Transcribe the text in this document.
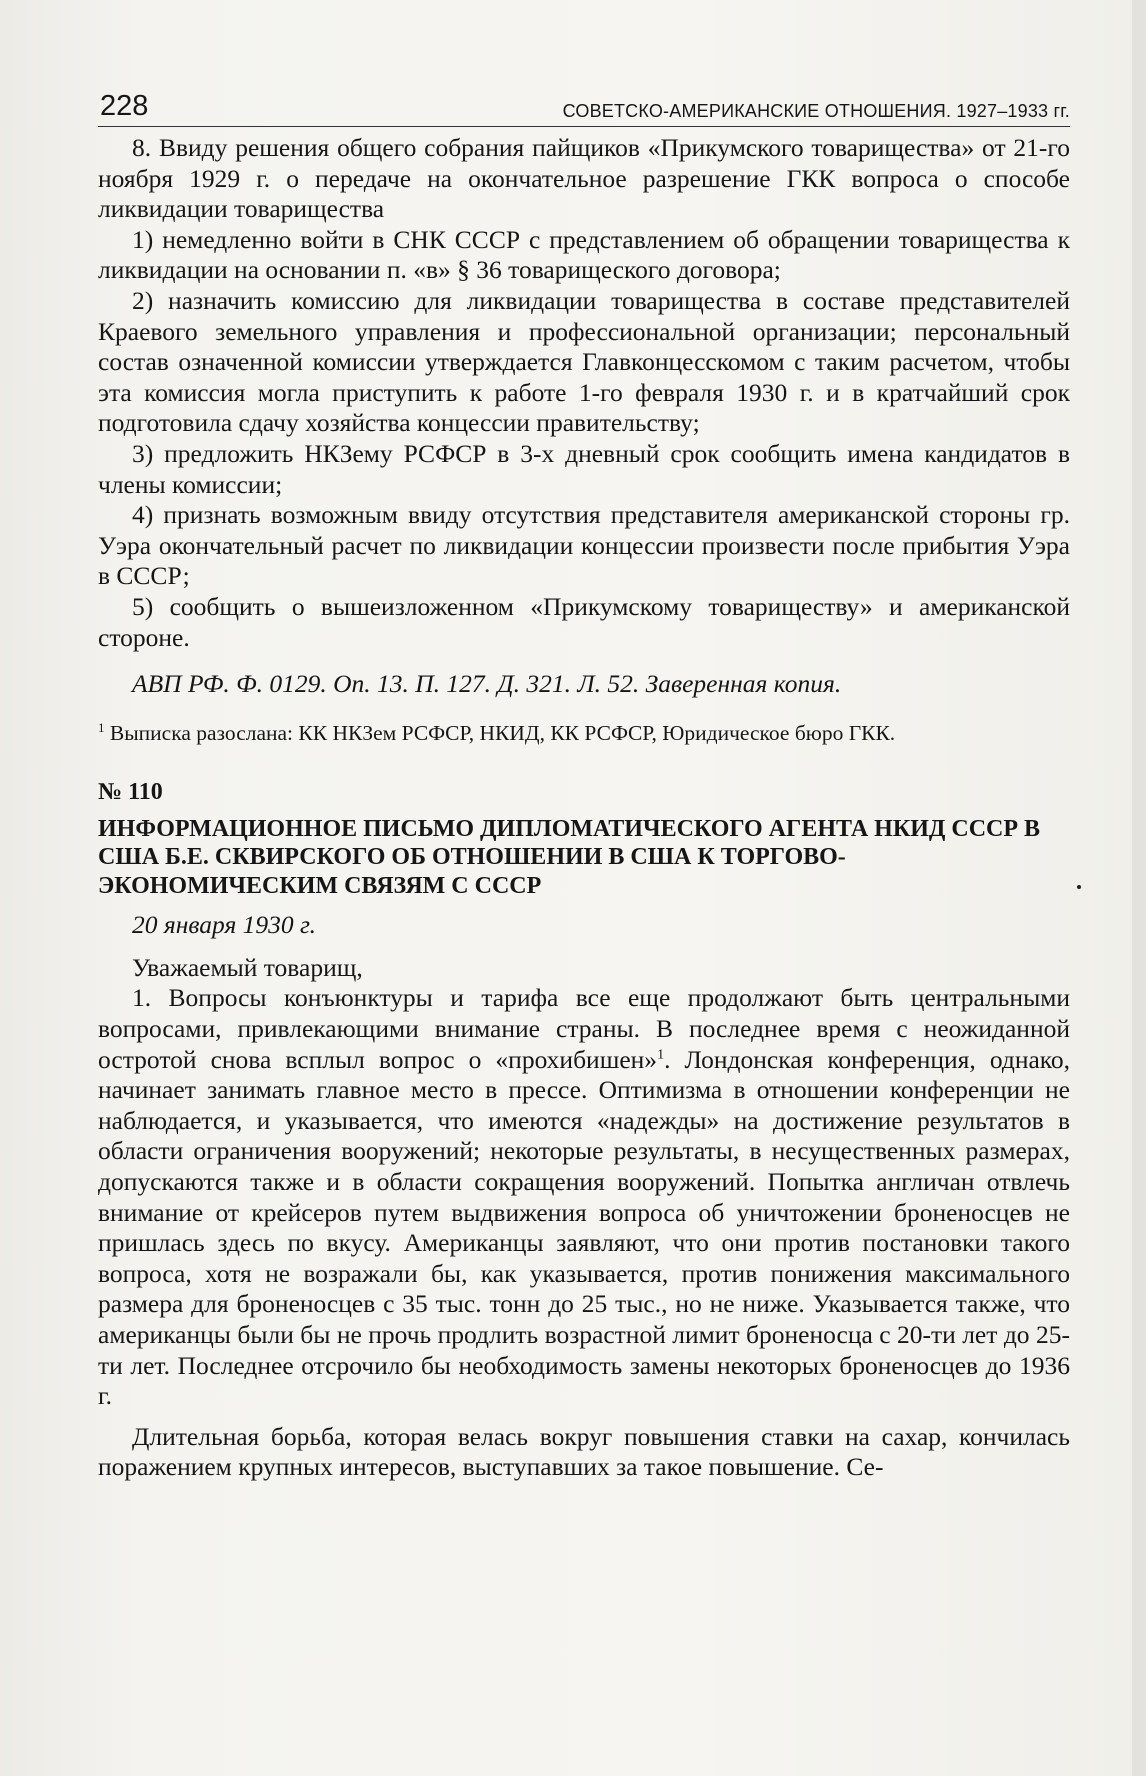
228	СОВЕТСКО-АМЕРИКАНСКИЕ ОТНОШЕНИЯ. 1927–1933 гг.

8. Ввиду решения общего собрания пайщиков «Прикумского товарищества» от 21-го ноября 1929 г. о передаче на окончательное разрешение ГКК вопроса о способе ликвидации товарищества

1) немедленно войти в СНК СССР с представлением об обращении товарищества к ликвидации на основании п. «в» § 36 товарищеского договора;

2) назначить комиссию для ликвидации товарищества в составе представителей Краевого земельного управления и профессиональной организации; персональный состав означенной комиссии утверждается Главконцесскомом с таким расчетом, чтобы эта комиссия могла приступить к работе 1-го февраля 1930 г. и в кратчайший срок подготовила сдачу хозяйства концессии правительству;

3) предложить НКЗему РСФСР в 3-х дневный срок сообщить имена кандидатов в члены комиссии;

4) признать возможным ввиду отсутствия представителя американской стороны гр. Уэра окончательный расчет по ликвидации концессии произвести после прибытия Уэра в СССР;

5) сообщить о вышеизложенном «Прикумскому товариществу» и американской стороне.

АВП РФ. Ф. 0129. Оп. 13. П. 127. Д. 321. Л. 52. Заверенная копия.

$^1$ Выписка разослана: КК НКЗем РСФСР, НКИД, КК РСФСР, Юридическое бюро ГКК.

№ 110

ИНФОРМАЦИОННОЕ ПИСЬМО ДИПЛОМАТИЧЕСКОГО АГЕНТА НКИД СССР В США Б.Е. СКВИРСКОГО ОБ ОТНОШЕНИИ В США К ТОРГОВО-ЭКОНОМИЧЕСКИМ СВЯЗЯМ С СССР

20 января 1930 г.

Уважаемый товарищ,

1. Вопросы конъюнктуры и тарифа все еще продолжают быть центральными вопросами, привлекающими внимание страны. В последнее время с неожиданной остротой снова всплыл вопрос о «прохибишен»$^1$. Лондонская конференция, однако, начинает занимать главное место в прессе. Оптимизма в отношении конференции не наблюдается, и указывается, что имеются «надежды» на достижение результатов в области ограничения вооружений; некоторые результаты, в несущественных размерах, допускаются также и в области сокращения вооружений. Попытка англичан отвлечь внимание от крейсеров путем выдвижения вопроса об уничтожении броненосцев не пришлась здесь по вкусу. Американцы заявляют, что они против постановки такого вопроса, хотя не возражали бы, как указывается, против понижения максимального размера для броненосцев с 35 тыс. тонн до 25 тыс., но не ниже. Указывается также, что американцы были бы не прочь продлить возрастной лимит броненосца с 20-ти лет до 25-ти лет. Последнее отсрочило бы необходимость замены некоторых броненосцев до 1936 г.

Длительная борьба, которая велась вокруг повышения ставки на сахар, кончилась поражением крупных интересов, выступавших за такое повышение. Се-
